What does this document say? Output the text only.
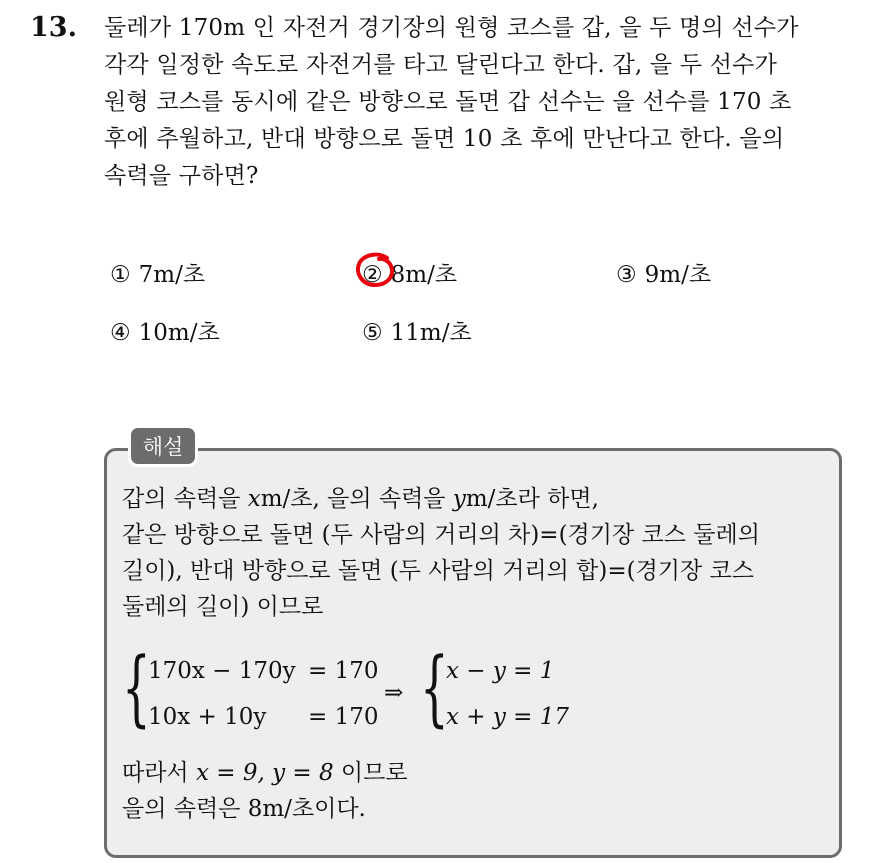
13. 둘레가 170m 인 자전거 경기장의 원형 코스를 갑, 을 두 명의 선수가
각각 일정한 속도로 자전거를 타고 달린다고 한다. 갑, 을 두 선수가
원형 코스를 동시에 같은 방향으로 돌면 갑 선수는 을 선수를 170 초
후에 추월하고, 반대 방향으로 돌면 10 초 후에 만난다고 한다. 을의
속력을 구하면?
① 7m/초	② 8m/초	③ 9m/초
④ 10m/초	⑤ 11m/초
해설
갑의 속력을 xm/초, 을의 속력을 ym/초라 하면,
같은 방향으로 돌면 (두 사람의 거리의 차)=(경기장 코스 둘레의
길이), 반대 방향으로 돌면 (두 사람의 거리의 합)=(경기장 코스
둘레의 길이) 이므로
{
170x − 170y = 170
10x + 10y = 170
⇒ {
x − y = 1
x + y = 17
따라서 x = 9, y = 8 이므로
을의 속력은 8m/초이다.
